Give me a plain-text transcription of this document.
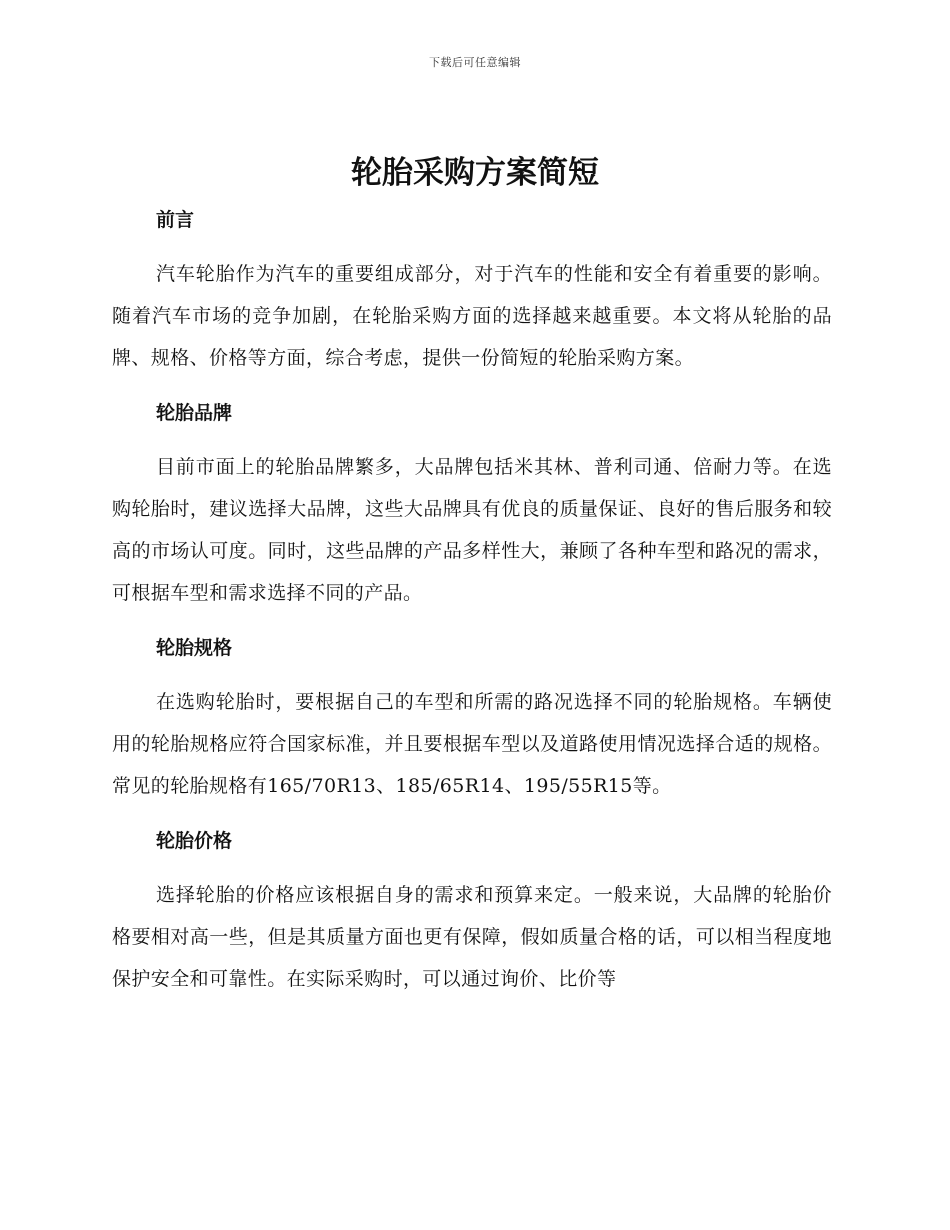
下载后可任意编辑
轮胎采购方案简短
前言

汽车轮胎作为汽车的重要组成部分，对于汽车的性能和安全有着重要的影响。随着汽车市场的竞争加剧，在轮胎采购方面的选择越来越重要。本文将从轮胎的品牌、规格、价格等方面，综合考虑，提供一份简短的轮胎采购方案。

轮胎品牌

目前市面上的轮胎品牌繁多，大品牌包括米其林、普利司通、倍耐力等。在选购轮胎时，建议选择大品牌，这些大品牌具有优良的质量保证、良好的售后服务和较高的市场认可度。同时，这些品牌的产品多样性大，兼顾了各种车型和路况的需求，可根据车型和需求选择不同的产品。

轮胎规格

在选购轮胎时，要根据自己的车型和所需的路况选择不同的轮胎规格。车辆使用的轮胎规格应符合国家标准，并且要根据车型以及道路使用情况选择合适的规格。常见的轮胎规格有165/70R13、185/65R14、195/55R15等。

轮胎价格

选择轮胎的价格应该根据自身的需求和预算来定。一般来说，大品牌的轮胎价格要相对高一些，但是其质量方面也更有保障，假如质量合格的话，可以相当程度地保护安全和可靠性。在实际采购时，可以通过询价、比价等
